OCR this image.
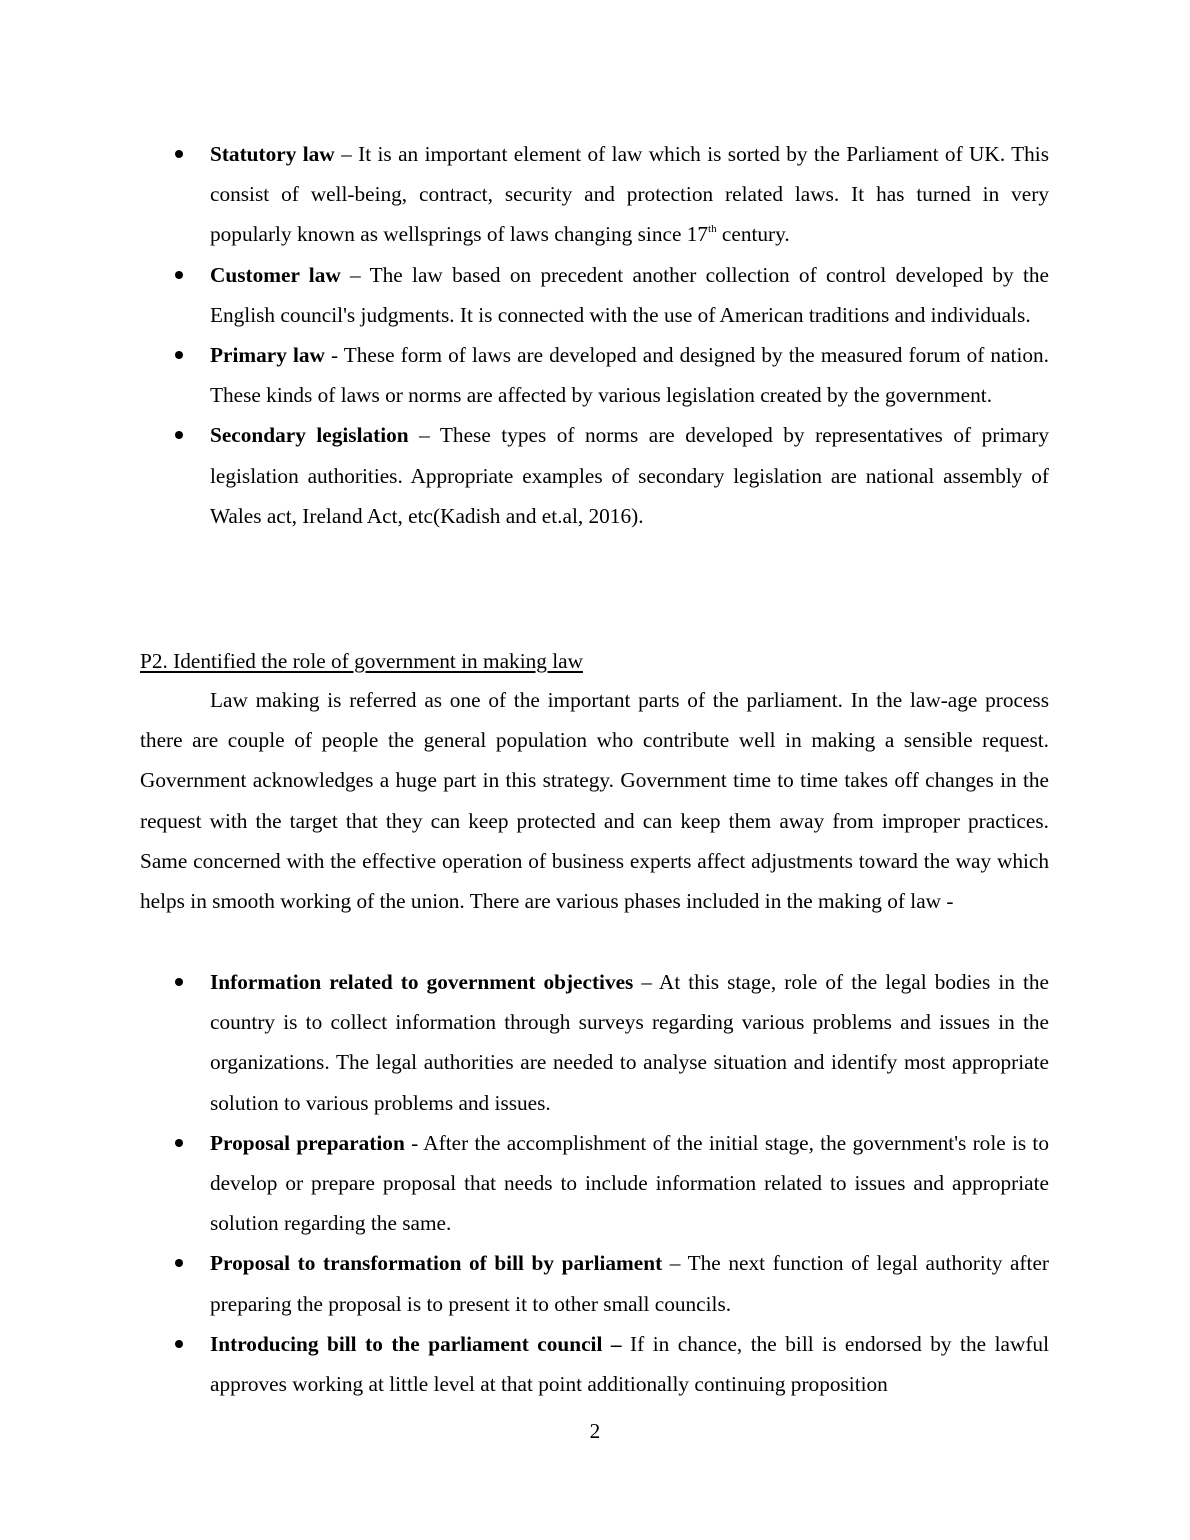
Statutory law – It is an important element of law which is sorted by the Parliament of UK. This consist of well-being, contract, security and protection related laws. It has turned in very popularly known as wellsprings of laws changing since 17th century.
Customer law – The law based on precedent another collection of control developed by the English council's judgments. It is connected with the use of American traditions and individuals.
Primary law - These form of laws are developed and designed by the measured forum of nation. These kinds of laws or norms are affected by various legislation created by the government.
Secondary legislation – These types of norms are developed by representatives of primary legislation authorities. Appropriate examples of secondary legislation are national assembly of Wales act, Ireland Act, etc(Kadish and et.al, 2016).
P2. Identified the role of government in making law

Law making is referred as one of the important parts of the parliament. In the law-age process there are couple of people the general population who contribute well in making a sensible request. Government acknowledges a huge part in this strategy. Government time to time takes off changes in the request with the target that they can keep protected and can keep them away from improper practices. Same concerned with the effective operation of business experts affect adjustments toward the way which helps in smooth working of the union. There are various phases included in the making of law -

Information related to government objectives – At this stage, role of the legal bodies in the country is to collect information through surveys regarding various problems and issues in the organizations. The legal authorities are needed to analyse situation and identify most appropriate solution to various problems and issues.
Proposal preparation - After the accomplishment of the initial stage, the government's role is to develop or prepare proposal that needs to include information related to issues and appropriate solution regarding the same.
Proposal to transformation of bill by parliament – The next function of legal authority after preparing the proposal is to present it to other small councils.
Introducing bill to the parliament council – If in chance, the bill is endorsed by the lawful approves working at little level at that point additionally continuing proposition
2
